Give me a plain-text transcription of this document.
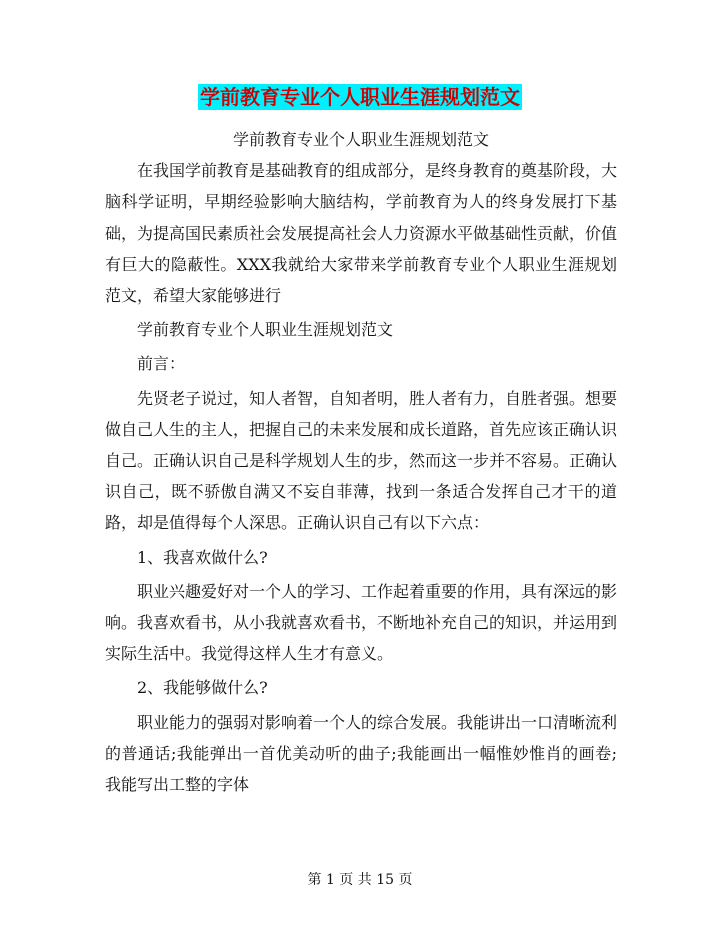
学前教育专业个人职业生涯规划范文

学前教育专业个人职业生涯规划范文

在我国学前教育是基础教育的组成部分，是终身教育的奠基阶段，大脑科学证明，早期经验影响大脑结构，学前教育为人的终身发展打下基础，为提高国民素质社会发展提高社会人力资源水平做基础性贡献，价值有巨大的隐蔽性。XXX我就给大家带来学前教育专业个人职业生涯规划范文，希望大家能够进行

学前教育专业个人职业生涯规划范文

前言：

先贤老子说过，知人者智，自知者明，胜人者有力，自胜者强。想要做自己人生的主人，把握自己的未来发展和成长道路，首先应该正确认识自己。正确认识自己是科学规划人生的步，然而这一步并不容易。正确认识自己，既不骄傲自满又不妄自菲薄，找到一条适合发挥自己才干的道路，却是值得每个人深思。正确认识自己有以下六点：

1、我喜欢做什么?

职业兴趣爱好对一个人的学习、工作起着重要的作用，具有深远的影响。我喜欢看书，从小我就喜欢看书，不断地补充自己的知识，并运用到实际生活中。我觉得这样人生才有意义。

2、我能够做什么?

职业能力的强弱对影响着一个人的综合发展。我能讲出一口清晰流利的普通话;我能弹出一首优美动听的曲子;我能画出一幅惟妙惟肖的画卷;我能写出工整的字体

第 1 页 共 15 页
